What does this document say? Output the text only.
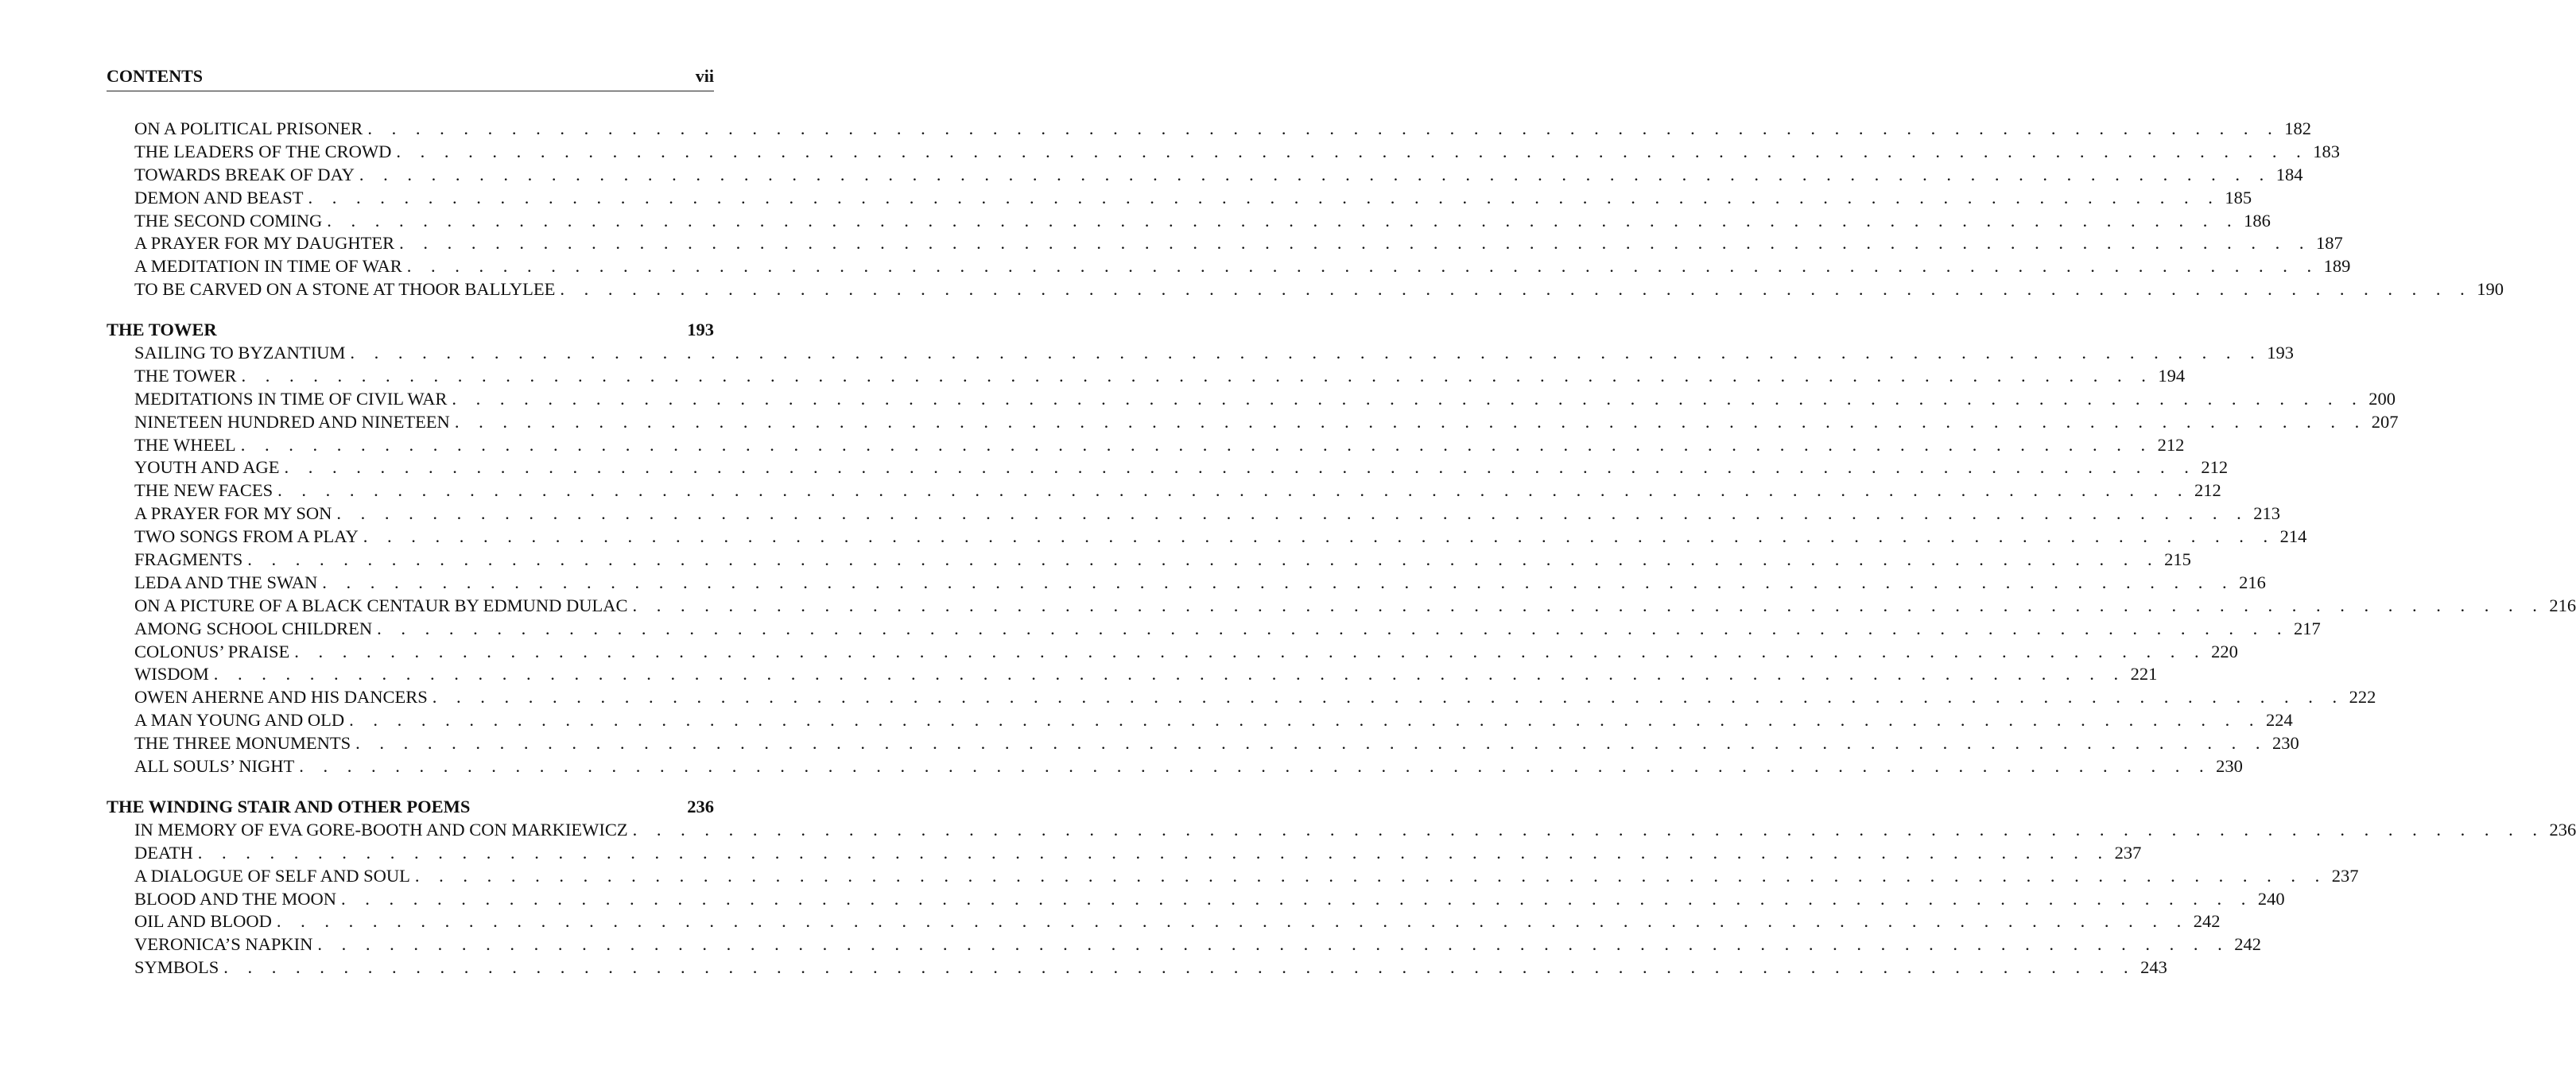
CONTENTS	vii
ON A POLITICAL PRISONER . . . . . . . . . . . . . . . . . . . . . . . . . . . . . . . . . . . . . . . . . . . . . . . . . . . . . . . . . . . . . . . . . . . . . . . . . . . . . . . . 182
THE LEADERS OF THE CROWD . . . . . . . . . . . . . . . . . . . . . . . . . . . . . . . . . . . . . . . . . . . . . . . . . . . . . . . . . . . . . . . . . . . . . . . . . . . . . . . . 183
TOWARDS BREAK OF DAY . . . . . . . . . . . . . . . . . . . . . . . . . . . . . . . . . . . . . . . . . . . . . . . . . . . . . . . . . . . . . . . . . . . . . . . . . . . . . . . . 184
DEMON AND BEAST . . . . . . . . . . . . . . . . . . . . . . . . . . . . . . . . . . . . . . . . . . . . . . . . . . . . . . . . . . . . . . . . . . . . . . . . . . . . . . . . 185
THE SECOND COMING . . . . . . . . . . . . . . . . . . . . . . . . . . . . . . . . . . . . . . . . . . . . . . . . . . . . . . . . . . . . . . . . . . . . . . . . . . . . . . . . 186
A PRAYER FOR MY DAUGHTER . . . . . . . . . . . . . . . . . . . . . . . . . . . . . . . . . . . . . . . . . . . . . . . . . . . . . . . . . . . . . . . . . . . . . . . . . . . . . . . . 187
A MEDITATION IN TIME OF WAR . . . . . . . . . . . . . . . . . . . . . . . . . . . . . . . . . . . . . . . . . . . . . . . . . . . . . . . . . . . . . . . . . . . . . . . . . . . . . . . . 189
TO BE CARVED ON A STONE AT THOOR BALLYLEE . . . . . . . . . . . . . . . . . . . . . . . . . . . . . . . . . . . . . . . . . . . . . . . . . . . . . . . . . . . . . . . . . . . . . . . . . . . . . . . . 190
THE TOWER	193
SAILING TO BYZANTIUM . . . . . . . . . . . . . . . . . . . . . . . . . . . . . . . . . . . . . . . . . . . . . . . . . . . . . . . . . . . . . . . . . . . . . . . . . . . . . . . . 193
THE TOWER . . . . . . . . . . . . . . . . . . . . . . . . . . . . . . . . . . . . . . . . . . . . . . . . . . . . . . . . . . . . . . . . . . . . . . . . . . . . . . . . 194
MEDITATIONS IN TIME OF CIVIL WAR . . . . . . . . . . . . . . . . . . . . . . . . . . . . . . . . . . . . . . . . . . . . . . . . . . . . . . . . . . . . . . . . . . . . . . . . . . . . . . . . 200
NINETEEN HUNDRED AND NINETEEN . . . . . . . . . . . . . . . . . . . . . . . . . . . . . . . . . . . . . . . . . . . . . . . . . . . . . . . . . . . . . . . . . . . . . . . . . . . . . . . . 207
THE WHEEL . . . . . . . . . . . . . . . . . . . . . . . . . . . . . . . . . . . . . . . . . . . . . . . . . . . . . . . . . . . . . . . . . . . . . . . . . . . . . . . . 212
YOUTH AND AGE . . . . . . . . . . . . . . . . . . . . . . . . . . . . . . . . . . . . . . . . . . . . . . . . . . . . . . . . . . . . . . . . . . . . . . . . . . . . . . . . 212
THE NEW FACES . . . . . . . . . . . . . . . . . . . . . . . . . . . . . . . . . . . . . . . . . . . . . . . . . . . . . . . . . . . . . . . . . . . . . . . . . . . . . . . . 212
A PRAYER FOR MY SON . . . . . . . . . . . . . . . . . . . . . . . . . . . . . . . . . . . . . . . . . . . . . . . . . . . . . . . . . . . . . . . . . . . . . . . . . . . . . . . . 213
TWO SONGS FROM A PLAY . . . . . . . . . . . . . . . . . . . . . . . . . . . . . . . . . . . . . . . . . . . . . . . . . . . . . . . . . . . . . . . . . . . . . . . . . . . . . . . . 214
FRAGMENTS . . . . . . . . . . . . . . . . . . . . . . . . . . . . . . . . . . . . . . . . . . . . . . . . . . . . . . . . . . . . . . . . . . . . . . . . . . . . . . . . 215
LEDA AND THE SWAN . . . . . . . . . . . . . . . . . . . . . . . . . . . . . . . . . . . . . . . . . . . . . . . . . . . . . . . . . . . . . . . . . . . . . . . . . . . . . . . . 216
ON A PICTURE OF A BLACK CENTAUR BY EDMUND DULAC . . . . . . . . . . . . . . . . . . . . . . . . . . . . . . . . . . . . . . . . . . . . . . . . . . . . . . . . . . . . . . . . . . . . . . . . . . . . . . . . 216
AMONG SCHOOL CHILDREN . . . . . . . . . . . . . . . . . . . . . . . . . . . . . . . . . . . . . . . . . . . . . . . . . . . . . . . . . . . . . . . . . . . . . . . . . . . . . . . . 217
COLONUS’ PRAISE . . . . . . . . . . . . . . . . . . . . . . . . . . . . . . . . . . . . . . . . . . . . . . . . . . . . . . . . . . . . . . . . . . . . . . . . . . . . . . . . 220
WISDOM . . . . . . . . . . . . . . . . . . . . . . . . . . . . . . . . . . . . . . . . . . . . . . . . . . . . . . . . . . . . . . . . . . . . . . . . . . . . . . . . 221
OWEN AHERNE AND HIS DANCERS . . . . . . . . . . . . . . . . . . . . . . . . . . . . . . . . . . . . . . . . . . . . . . . . . . . . . . . . . . . . . . . . . . . . . . . . . . . . . . . . 222
A MAN YOUNG AND OLD . . . . . . . . . . . . . . . . . . . . . . . . . . . . . . . . . . . . . . . . . . . . . . . . . . . . . . . . . . . . . . . . . . . . . . . . . . . . . . . . 224
THE THREE MONUMENTS . . . . . . . . . . . . . . . . . . . . . . . . . . . . . . . . . . . . . . . . . . . . . . . . . . . . . . . . . . . . . . . . . . . . . . . . . . . . . . . . 230
ALL SOULS’ NIGHT . . . . . . . . . . . . . . . . . . . . . . . . . . . . . . . . . . . . . . . . . . . . . . . . . . . . . . . . . . . . . . . . . . . . . . . . . . . . . . . . 230
THE WINDING STAIR AND OTHER POEMS	236
IN MEMORY OF EVA GORE-BOOTH AND CON MARKIEWICZ . . . . . . . . . . . . . . . . . . . . . . . . . . . . . . . . . . . . . . . . . . . . . . . . . . . . . . . . . . . . . . . . . . . . . . . . . . . . . . . . 236
DEATH . . . . . . . . . . . . . . . . . . . . . . . . . . . . . . . . . . . . . . . . . . . . . . . . . . . . . . . . . . . . . . . . . . . . . . . . . . . . . . . . 237
A DIALOGUE OF SELF AND SOUL . . . . . . . . . . . . . . . . . . . . . . . . . . . . . . . . . . . . . . . . . . . . . . . . . . . . . . . . . . . . . . . . . . . . . . . . . . . . . . . . 237
BLOOD AND THE MOON . . . . . . . . . . . . . . . . . . . . . . . . . . . . . . . . . . . . . . . . . . . . . . . . . . . . . . . . . . . . . . . . . . . . . . . . . . . . . . . . 240
OIL AND BLOOD . . . . . . . . . . . . . . . . . . . . . . . . . . . . . . . . . . . . . . . . . . . . . . . . . . . . . . . . . . . . . . . . . . . . . . . . . . . . . . . . 242
VERONICA’S NAPKIN . . . . . . . . . . . . . . . . . . . . . . . . . . . . . . . . . . . . . . . . . . . . . . . . . . . . . . . . . . . . . . . . . . . . . . . . . . . . . . . . 242
SYMBOLS . . . . . . . . . . . . . . . . . . . . . . . . . . . . . . . . . . . . . . . . . . . . . . . . . . . . . . . . . . . . . . . . . . . . . . . . . . . . . . . . 243
